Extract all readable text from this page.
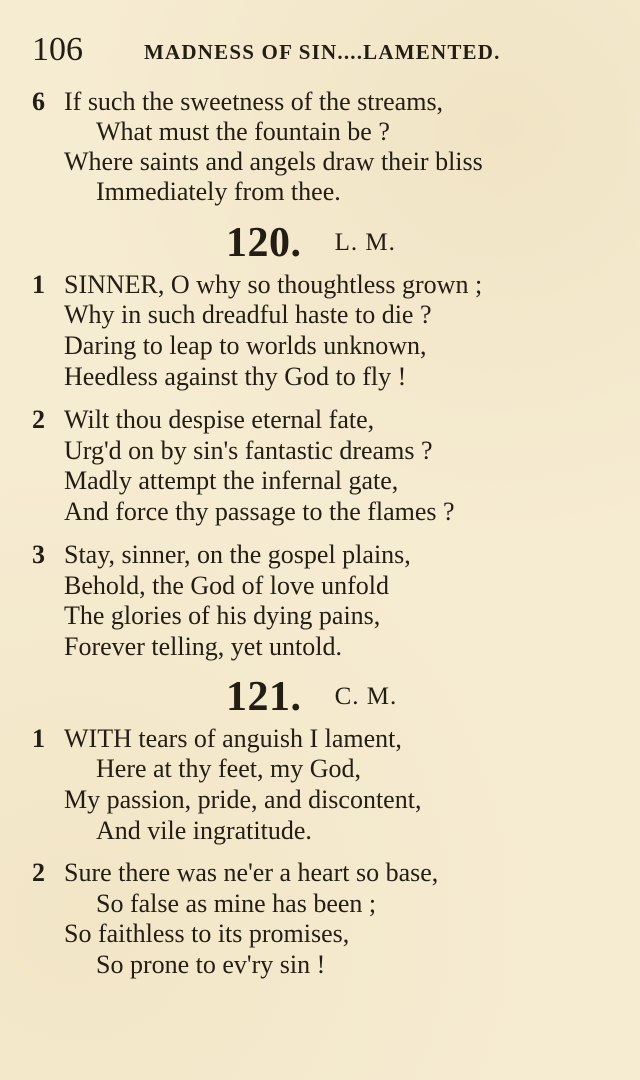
106	MADNESS OF SIN....LAMENTED.
6 If such the sweetness of the streams,
What must the fountain be ?
Where saints and angels draw their bliss
Immediately from thee.
120. L. M.
1 SINNER, O why so thoughtless grown ;
Why in such dreadful haste to die ?
Daring to leap to worlds unknown,
Heedless against thy God to fly !
2 Wilt thou despise eternal fate,
Urg'd on by sin's fantastic dreams ?
Madly attempt the infernal gate,
And force thy passage to the flames ?
3 Stay, sinner, on the gospel plains,
Behold, the God of love unfold
The glories of his dying pains,
Forever telling, yet untold.
121. C. M.
1 WITH tears of anguish I lament,
Here at thy feet, my God,
My passion, pride, and discontent,
And vile ingratitude.
2 Sure there was ne'er a heart so base,
So false as mine has been ;
So faithless to its promises,
So prone to ev'ry sin !
